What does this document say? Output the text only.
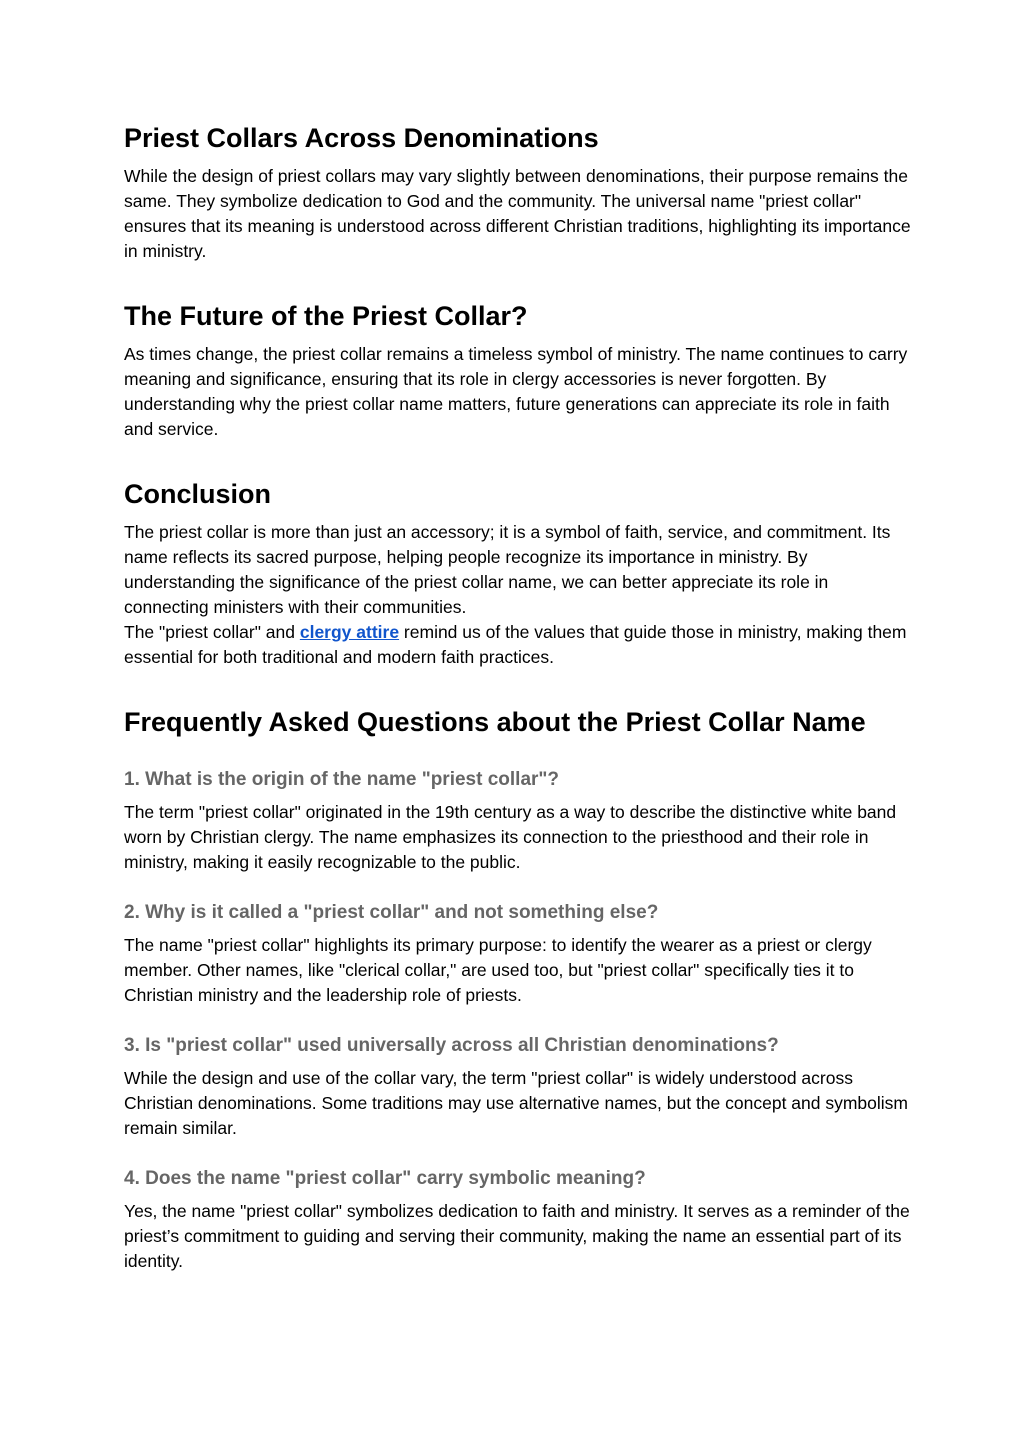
Priest Collars Across Denominations

While the design of priest collars may vary slightly between denominations, their purpose remains the same. They symbolize dedication to God and the community. The universal name "priest collar" ensures that its meaning is understood across different Christian traditions, highlighting its importance in ministry.

The Future of the Priest Collar?

As times change, the priest collar remains a timeless symbol of ministry. The name continues to carry meaning and significance, ensuring that its role in clergy accessories is never forgotten. By understanding why the priest collar name matters, future generations can appreciate its role in faith and service.

Conclusion

The priest collar is more than just an accessory; it is a symbol of faith, service, and commitment. Its name reflects its sacred purpose, helping people recognize its importance in ministry. By understanding the significance of the priest collar name, we can better appreciate its role in connecting ministers with their communities.

The "priest collar" and clergy attire remind us of the values that guide those in ministry, making them essential for both traditional and modern faith practices.

Frequently Asked Questions about the Priest Collar Name
1. What is the origin of the name "priest collar"?

The term "priest collar" originated in the 19th century as a way to describe the distinctive white band worn by Christian clergy. The name emphasizes its connection to the priesthood and their role in ministry, making it easily recognizable to the public.

2. Why is it called a "priest collar" and not something else?

The name "priest collar" highlights its primary purpose: to identify the wearer as a priest or clergy member. Other names, like "clerical collar," are used too, but "priest collar" specifically ties it to Christian ministry and the leadership role of priests.

3. Is "priest collar" used universally across all Christian denominations?

While the design and use of the collar vary, the term "priest collar" is widely understood across Christian denominations. Some traditions may use alternative names, but the concept and symbolism remain similar.

4. Does the name "priest collar" carry symbolic meaning?

Yes, the name "priest collar" symbolizes dedication to faith and ministry. It serves as a reminder of the priest’s commitment to guiding and serving their community, making the name an essential part of its identity.
